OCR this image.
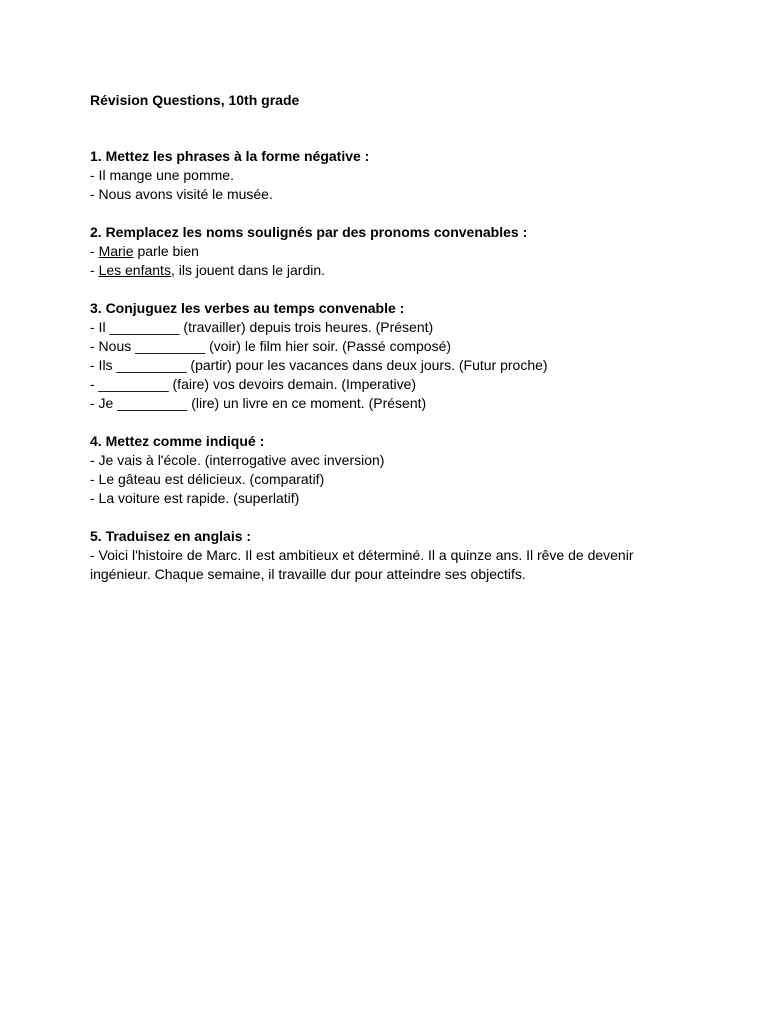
Révision Questions, 10th grade
1. Mettez les phrases à la forme négative :
- Il mange une pomme.
- Nous avons visité le musée.
2. Remplacez les noms soulignés par des pronoms convenables :
- Marie parle bien
- Les enfants, ils jouent dans le jardin.
3. Conjuguez les verbes au temps convenable :
- Il _________ (travailler) depuis trois heures. (Présent)
- Nous _________ (voir) le film hier soir. (Passé composé)
- Ils _________ (partir) pour les vacances dans deux jours. (Futur proche)
- _________ (faire) vos devoirs demain. (Imperative)
- Je _________ (lire) un livre en ce moment. (Présent)
4. Mettez comme indiqué :
- Je vais à l'école. (interrogative avec inversion)
- Le gâteau est délicieux. (comparatif)
- La voiture est rapide. (superlatif)
5. Traduisez en anglais :
- Voici l'histoire de Marc. Il est ambitieux et déterminé. Il a quinze ans. Il rêve de devenir
ingénieur. Chaque semaine, il travaille dur pour atteindre ses objectifs.
